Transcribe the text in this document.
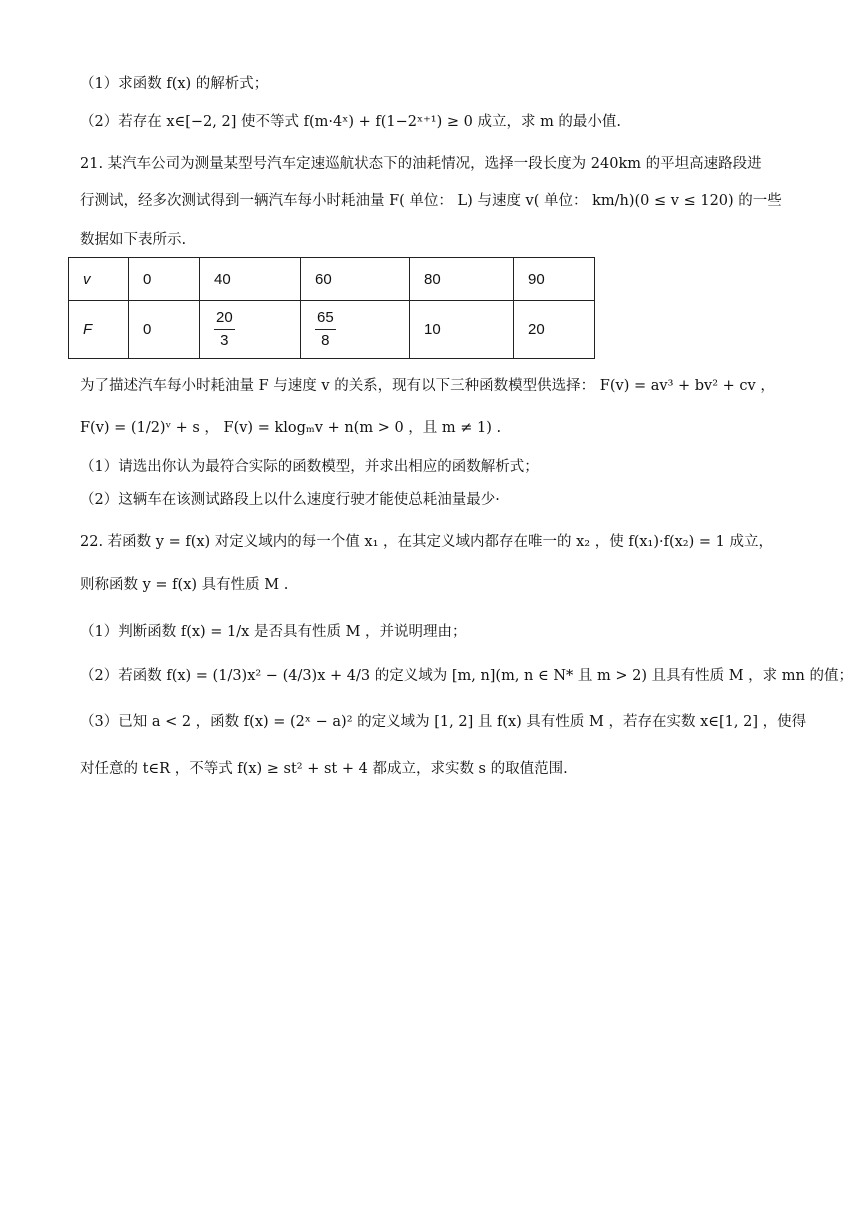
（1）求函数 f(x) 的解析式；
（2）若存在 x∈[−2, 2] 使不等式 f(m·4ˣ) + f(1−2ˣ⁺¹) ≥ 0 成立，求 m 的最小值.
21. 某汽车公司为测量某型号汽车定速巡航状态下的油耗情况，选择一段长度为 240km 的平坦高速路段进
行测试，经多次测试得到一辆汽车每小时耗油量 F( 单位： L) 与速度 v( 单位： km/h)(0 ≤ v ≤ 120) 的一些
数据如下表所示.
v	0	40	60	80	90
F	0	$\frac{20}{3}$	$\frac{65}{8}$	10	20
为了描述汽车每小时耗油量 F 与速度 v 的关系，现有以下三种函数模型供选择： F(v) = av³ + bv² + cv ，
F(v) = (1/2)ᵛ + s ， F(v) = klogₘv + n(m > 0 ，且 m ≠ 1) .
（1）请选出你认为最符合实际的函数模型，并求出相应的函数解析式；
（2）这辆车在该测试路段上以什么速度行驶才能使总耗油量最少·
22. 若函数 y = f(x) 对定义域内的每一个值 x₁ ，在其定义域内都存在唯一的 x₂ ，使 f(x₁)·f(x₂) = 1 成立，
则称函数 y = f(x) 具有性质 M .
（1）判断函数 f(x) = 1/x 是否具有性质 M ，并说明理由；
（2）若函数 f(x) = (1/3)x² − (4/3)x + 4/3 的定义域为 [m, n](m, n ∈ N* 且 m > 2) 且具有性质 M ，求 mn 的值；
（3）已知 a < 2 ，函数 f(x) = (2ˣ − a)² 的定义域为 [1, 2] 且 f(x) 具有性质 M ，若存在实数 x∈[1, 2] ，使得
对任意的 t∈R ，不等式 f(x) ≥ st² + st + 4 都成立，求实数 s 的取值范围.
